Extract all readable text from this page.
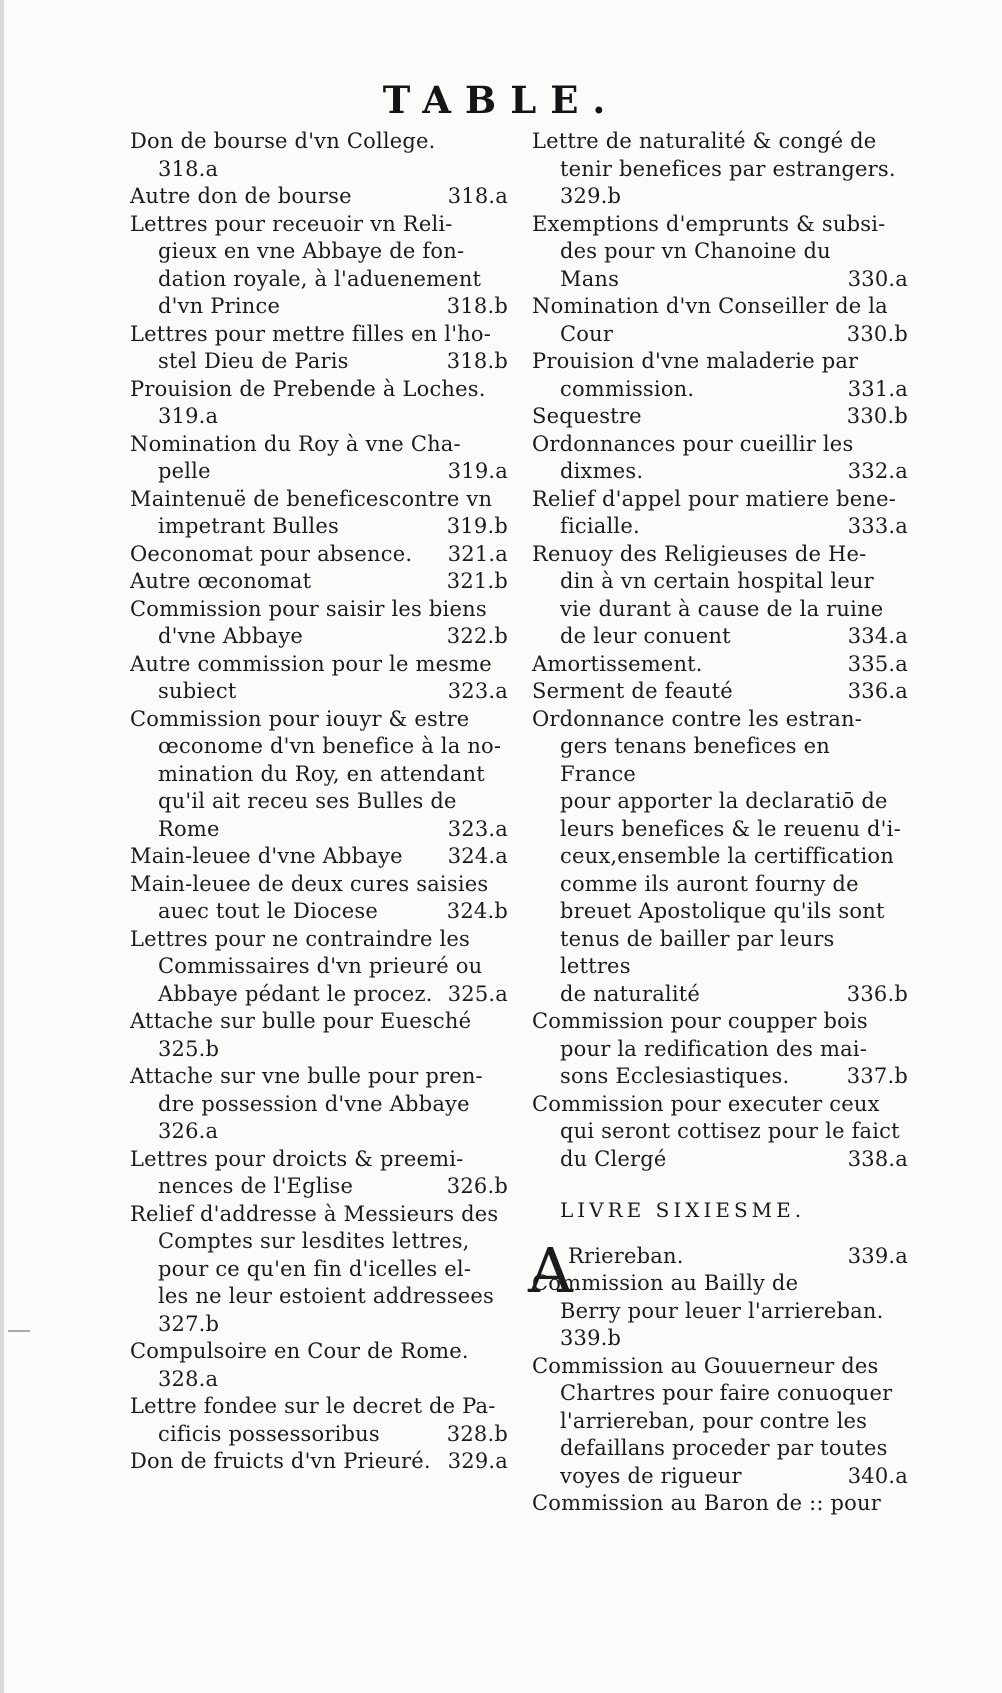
TABLE.
Don de bourse d'vn College.
318.a
Autre don de bourse	318.a
Lettres pour receuoir vn Reli-
gieux en vne Abbaye de fon-
dation royale, à l'aduenement
d'vn Prince	318.b
Lettres pour mettre filles en l'ho-
stel Dieu de Paris	318.b
Prouision de Prebende à Loches.
319.a
Nomination du Roy à vne Cha-
pelle	319.a
Maintenuë de beneficescontre vn
impetrant Bulles	319.b
Oeconomat pour absence.	321.a
Autre œconomat	321.b
Commission pour saisir les biens
d'vne Abbaye	322.b
Autre commission pour le mesme
subiect	323.a
Commission pour iouyr & estre
œconome d'vn benefice à la no-
mination du Roy, en attendant
qu'il ait receu ses Bulles de
Rome	323.a
Main-leuee d'vne Abbaye	324.a
Main-leuee de deux cures saisies
auec tout le Diocese	324.b
Lettres pour ne contraindre les
Commissaires d'vn prieuré ou
Abbaye pédant le procez. 325.a
Attache sur bulle pour Euesché
325.b
Attache sur vne bulle pour pren-
dre possession d'vne Abbaye
326.a
Lettres pour droicts & preemi-
nences de l'Eglise	326.b
Relief d'addresse à Messieurs des
Comptes sur lesdites lettres,
pour ce qu'en fin d'icelles el-
les ne leur estoient addressees
327.b
Compulsoire en Cour de Rome.
328.a
Lettre fondee sur le decret de Pa-
cificis possessoribus	328.b
Don de fruicts d'vn Prieuré. 329.a
Lettre de naturalité & congé de
tenir benefices par estrangers.
329.b
Exemptions d'emprunts & subsi-
des pour vn Chanoine du
Mans	330.a
Nomination d'vn Conseiller de la
Cour	330.b
Prouision d'vne maladerie par
commission.	331.a
Sequestre	330.b
Ordonnances pour cueillir les
dixmes.	332.a
Relief d'appel pour matiere bene-
ficialle.	333.a
Renuoy des Religieuses de He-
din à vn certain hospital leur
vie durant à cause de la ruine
de leur conuent	334.a
Amortissement.	335.a
Serment de feauté	336.a
Ordonnance contre les estran-
gers tenans benefices en France
pour apporter la declaratiō de
leurs benefices & le reuenu d'i-
ceux,ensemble la certiffication
comme ils auront fourny de
breuet Apostolique qu'ils sont
tenus de bailler par leurs lettres
de naturalité	336.b
Commission pour coupper bois
pour la redification des mai-
sons Ecclesiastiques.	337.b
Commission pour executer ceux
qui seront cottisez pour le faict
du Clergé	338.a
LIVRE SIXIESME.
A
Rriereban.	339.a
Commission au Bailly de
Berry pour leuer l'arriereban.
339.b
Commission au Gouuerneur des
Chartres pour faire conuoquer
l'arriereban, pour contre les
defaillans proceder par toutes
voyes de rigueur	340.a
Commission au Baron de :: pour
